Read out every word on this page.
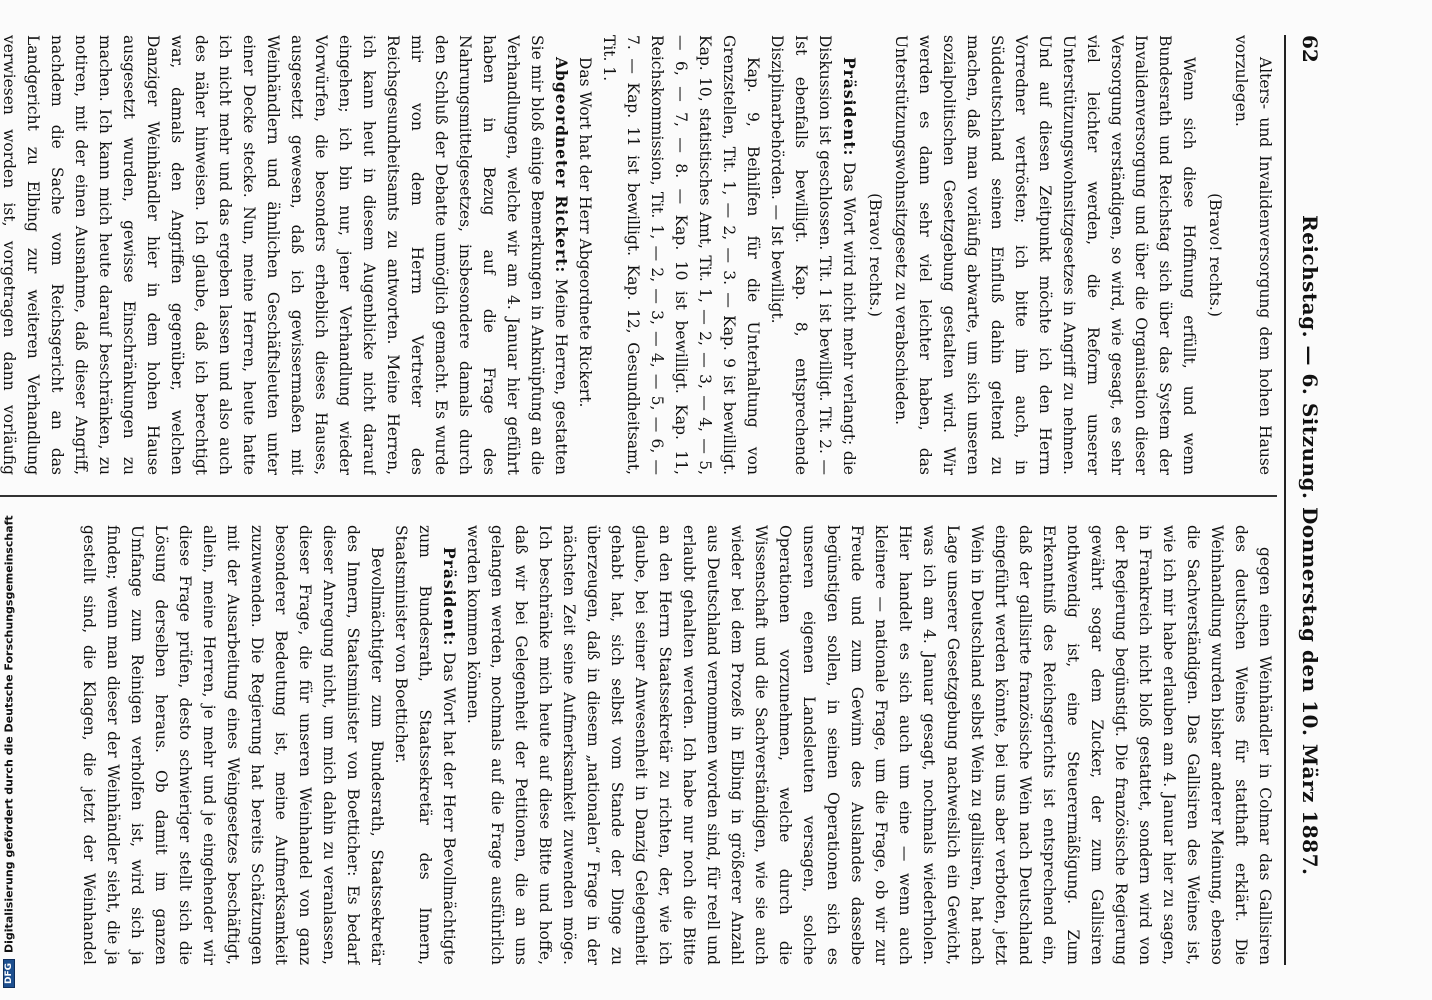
62
Reichstag. — 6. Sitzung. Donnerstag den 10. März 1887.

Alters- und Invalidenversorgung dem hohen Hause vorzulegen.

(Bravo! rechts.)

Wenn sich diese Hoffnung erfüllt, und wenn Bundesrath und Reichstag sich über das System der Invalidenversorgung und über die Organisation dieser Versorgung verständigen, so wird, wie gesagt, es sehr viel leichter werden, die Reform unserer Unterstützungswohnsitzgesetzes in Angriff zu nehmen. Und auf diesen Zeitpunkt möchte ich den Herrn Vorredner vertrösten; ich bitte ihn auch, in Süddeutschland seinen Einfluß dahin geltend zu machen, daß man vorläufig abwarte, um sich unseren sozialpolitischen Gesetzgebung gestalten wird. Wir werden es dann sehr viel leichter haben, das Unterstützungswohnsitzgesetz zu verabschieden.

(Bravo! rechts.)

Präsident: Das Wort wird nicht mehr verlangt; die Diskussion ist geschlossen. Tit. 1 ist bewilligt. Tit. 2. — Ist ebenfalls bewilligt. Kap. 8, entsprechende Disziplinarbehörden. — Ist bewilligt.

Kap. 9, Beihilfen für die Unterhaltung von Grenzstellen, Tit. 1, — 2, — 3. — Kap. 9 ist bewilligt. Kap. 10, statistisches Amt, Tit. 1, — 2, — 3, — 4, — 5, — 6, — 7, — 8. — Kap. 10 ist bewilligt. Kap. 11, Reichskommission, Tit. 1, — 2, — 3, — 4, — 5, — 6, — 7. — Kap. 11 ist bewilligt. Kap. 12, Gesundheitsamt, Tit. 1.

Das Wort hat der Herr Abgeordnete Rickert.

Abgeordneter Rickert: Meine Herren, gestatten Sie mir bloß einige Bemerkungen in Anknüpfung an die Verhandlungen, welche wir am 4. Januar hier geführt haben in Bezug auf die Frage des Nahrungsmittelgesetzes, insbesondere damals durch den Schluß der Debatte unmöglich gemacht. Es wurde mir von dem Herrn Vertreter des Reichsgesundheitsamts zu antworten. Meine Herren, ich kann heut in diesem Augenblicke nicht darauf eingehen; ich bin nur, jener Verhandlung wieder Vorwürfen, die besonders erheblich dieses Hauses, ausgesetzt gewesen, daß ich gewissermaßen mit Weinhändlern und ähnlichen Geschäftsleuten unter einer Decke stecke. Nun, meine Herren, heute hatte ich nicht mehr und das ergeben lassen und also auch des näher hinweisen. Ich glaube, daß ich berechtigt war, damals den Angriffen gegenüber, welchen Danziger Weinhändler hier in dem hohen Hause ausgesetzt wurden, gewisse Einschränkungen zu machen. Ich kann mich heute darauf beschränken, zu notiren, mit der einen Ausnahme, daß dieser Angriff, nachdem die Sache vom Reichsgericht an das Landgericht zu Elbing zur weiteren Verhandlung verwiesen worden ist, vorgetragen dann vorläufig

gegen einen Weinhändler in Colmar das Gallisiren des deutschen Weines für statthaft erklärt. Die Weinhandlung wurden bisher anderer Meinung, ebenso die Sachverständigen. Das Gallisiren des Weines ist, wie ich mir habe erlauben am 4. Januar hier zu sagen, in Frankreich nicht bloß gestattet, sondern wird von der Regierung begünstigt. Die französische Regierung gewährt sogar dem Zucker, der zum Gallisiren nothwendig ist, eine Steuerermäßigung. Zum Erkenntniß des Reichsgerichts ist entsprechend ein, daß der gallisirte französische Wein nach Deutschland eingeführt werden könnte, bei uns aber verboten, jetzt Wein in Deutschland selbst Wein zu gallisiren, hat nach Lage unserer Gesetzgebung nachweislich ein Gewicht, was ich am 4. Januar gesagt, nochmals wiederholen. Hier handelt es sich auch um eine — wenn auch kleinere — nationale Frage, um die Frage, ob wir zur Freude und zum Gewinn des Auslandes dasselbe begünstigen sollen, in seinen Operationen sich es unseren eigenen Landsleuten versagen, solche Operationen vorzunehmen, welche durch die Wissenschaft und die Sachverständigen, wie sie auch wieder bei dem Prozeß in Elbing in größerer Anzahl aus Deutschland vernommen worden sind, für reell und erlaubt gehalten werden. Ich habe nur noch die Bitte an den Herrn Staatssekretär zu richten, der, wie ich glaube, bei seiner Anwesenheit in Danzig Gelegenheit gehabt hat, sich selbst vom Stande der Dinge zu überzeugen, daß in diesem „nationalen“ Frage in der nächsten Zeit seine Aufmerksamkeit zuwenden möge. Ich beschränke mich heute auf diese Bitte und hoffe, daß wir bei Gelegenheit der Petitionen, die an uns gelangen werden, nochmals auf die Frage ausführlich werden kommen können.

Präsident: Das Wort hat der Herr Bevollmächtigte zum Bundesrath, Staatssekretär des Innern, Staatsminister von Boetticher.

Bevollmächtigter zum Bundesrath, Staatssekretär des Innern, Staatsminister von Boetticher: Es bedarf dieser Anregung nicht, um mich dahin zu veranlassen, dieser Frage, die für unseren Weinhandel von ganz besonderer Bedeutung ist, meine Aufmerksamkeit zuzuwenden. Die Regierung hat bereits Schätzungen mit der Ausarbeitung eines Weingesetzes beschäftigt, allein, meine Herren, je mehr und je eingehender wir diese Frage prüfen, desto schwieriger stellt sich die Lösung derselben heraus. Ob damit im ganzen Umfange zum Reinigen verholfen ist, wird sich ja finden; wenn man dieser der Weinhändler sieht, die ja gestellt sind, die Klagen, die jetzt der Weinhandel

DFGDigitalisierung gefördert durch die Deutsche Forschungsgemeinschaft
